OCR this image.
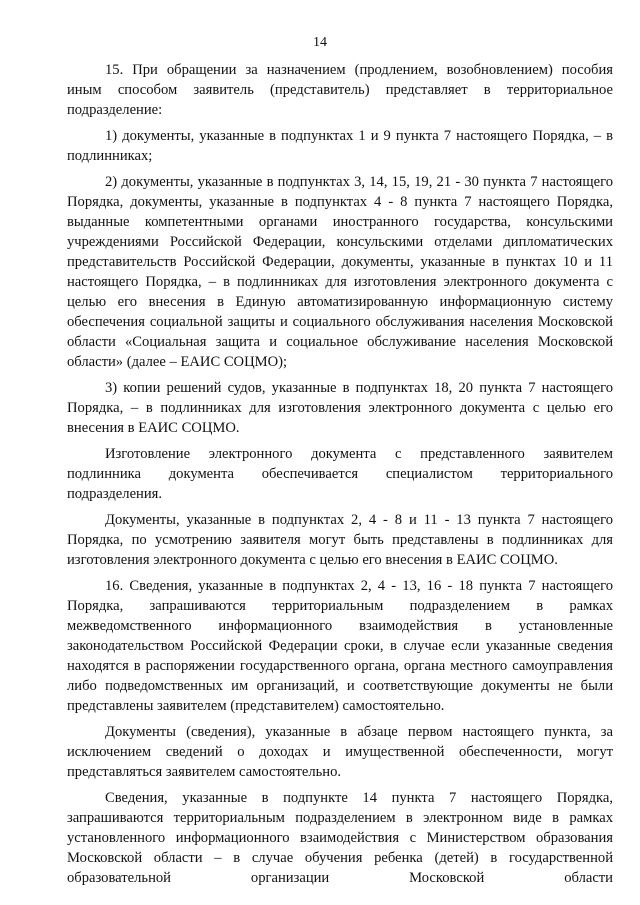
14

15. При обращении за назначением (продлением, возобновлением) пособия иным способом заявитель (представитель) представляет в территориальное подразделение:

1) документы, указанные в подпунктах 1 и 9 пункта 7 настоящего Порядка, – в подлинниках;

2) документы, указанные в подпунктах 3, 14, 15, 19, 21 - 30 пункта 7 настоящего Порядка, документы, указанные в подпунктах 4 - 8 пункта 7 настоящего Порядка, выданные компетентными органами иностранного государства, консульскими учреждениями Российской Федерации, консульскими отделами дипломатических представительств Российской Федерации, документы, указанные в пунктах 10 и 11 настоящего Порядка, – в подлинниках для изготовления электронного документа с целью его внесения в Единую автоматизированную информационную систему обеспечения социальной защиты и социального обслуживания населения Московской области «Социальная защита и социальное обслуживание населения Московской области» (далее – ЕАИС СОЦМО);

3) копии решений судов, указанные в подпунктах 18, 20 пункта 7 настоящего Порядка, – в подлинниках для изготовления электронного документа с целью его внесения в ЕАИС СОЦМО.

Изготовление электронного документа с представленного заявителем подлинника документа обеспечивается специалистом территориального подразделения.

Документы, указанные в подпунктах 2, 4 - 8 и 11 - 13 пункта 7 настоящего Порядка, по усмотрению заявителя могут быть представлены в подлинниках для изготовления электронного документа с целью его внесения в ЕАИС СОЦМО.

16. Сведения, указанные в подпунктах 2, 4 - 13, 16 - 18 пункта 7 настоящего Порядка, запрашиваются территориальным подразделением в рамках межведомственного информационного взаимодействия в установленные законодательством Российской Федерации сроки, в случае если указанные сведения находятся в распоряжении государственного органа, органа местного самоуправления либо подведомственных им организаций, и соответствующие документы не были представлены заявителем (представителем) самостоятельно.

Документы (сведения), указанные в абзаце первом настоящего пункта, за исключением сведений о доходах и имущественной обеспеченности, могут представляться заявителем самостоятельно.

Сведения, указанные в подпункте 14 пункта 7 настоящего Порядка, запрашиваются территориальным подразделением в электронном виде в рамках установленного информационного взаимодействия с Министерством образования Московской области – в случае обучения ребенка (детей) в государственной образовательной организации Московской области
